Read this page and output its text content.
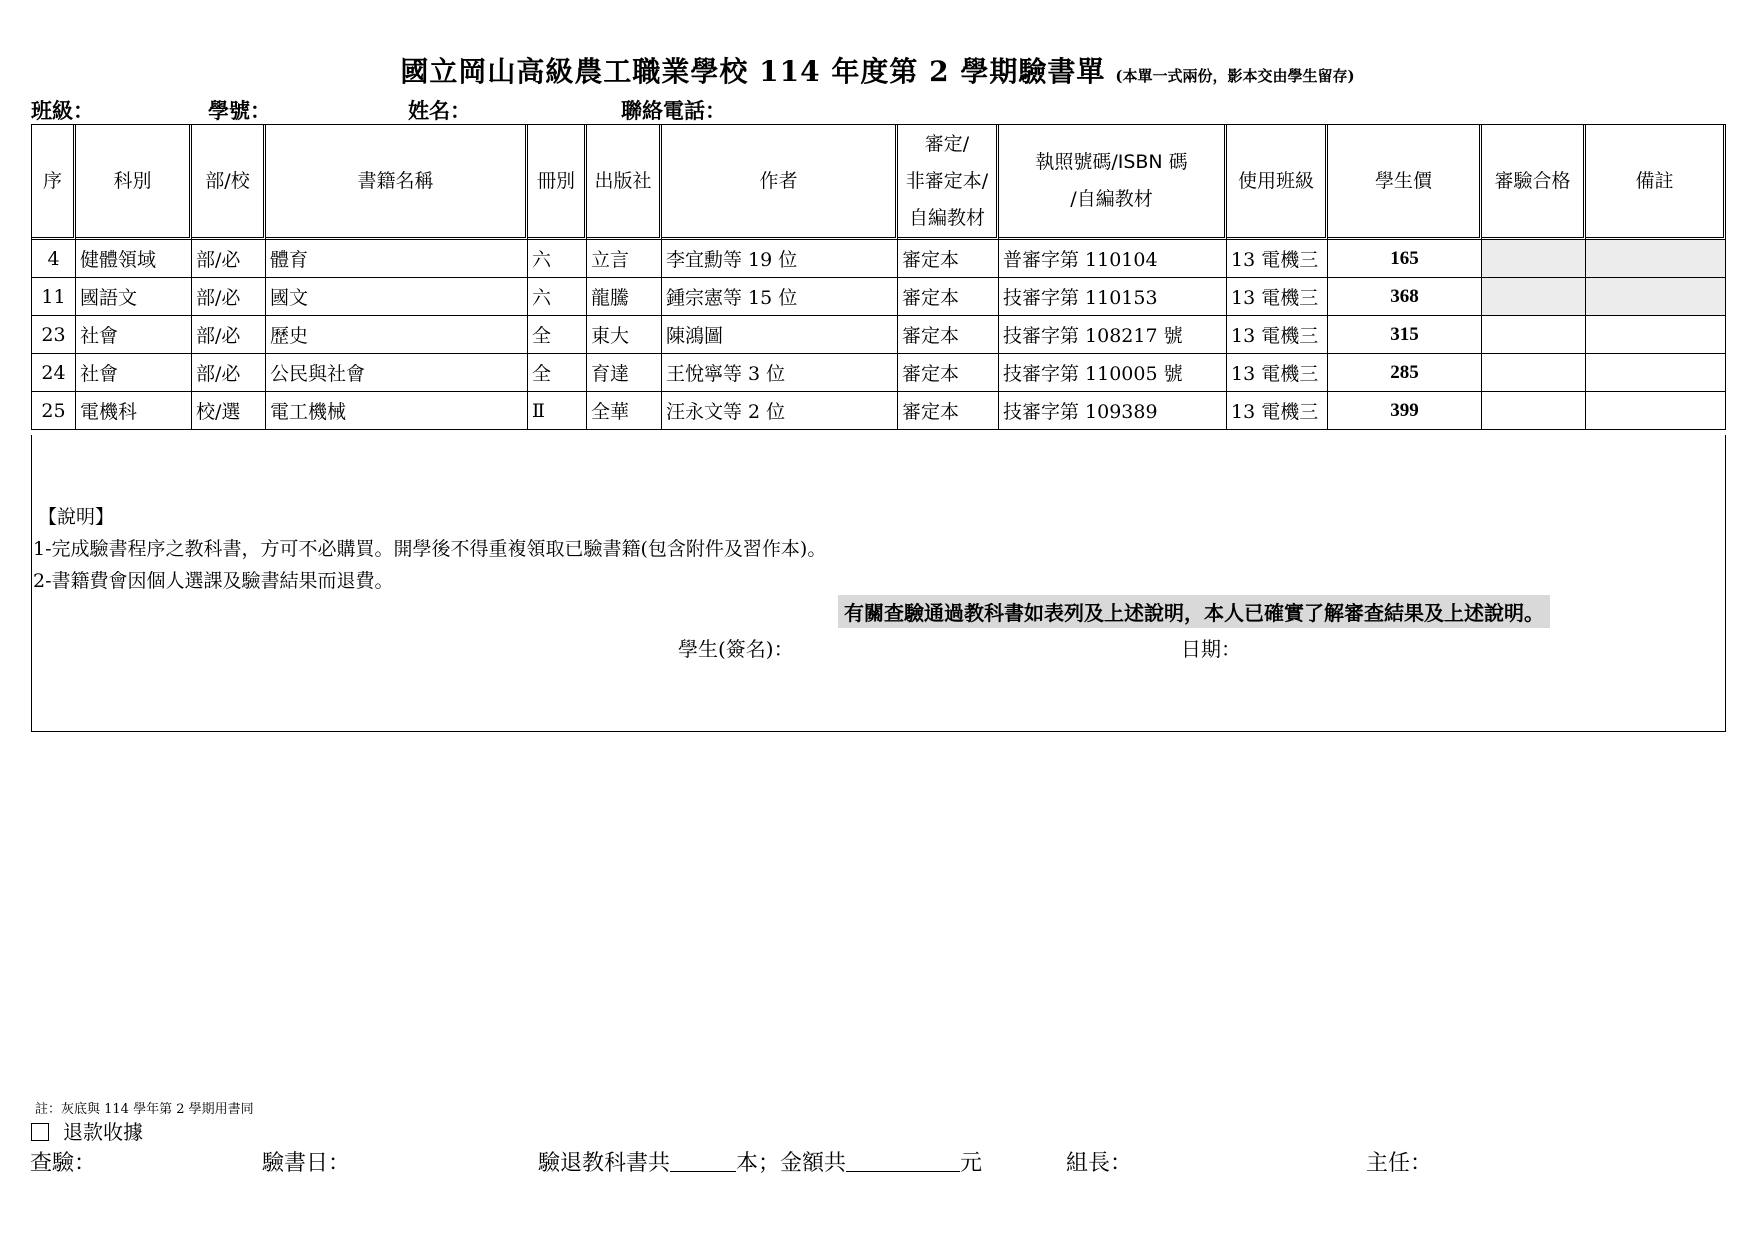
國立岡山高級農工職業學校 114 年度第 2 學期驗書單 (本單一式兩份，影本交由學生留存)
班級：	學號：	姓名：	聯絡電話：
序	科別	部/校	書籍名稱	冊別	出版社	作者	審定/
非審定本/
自編教材	執照號碼/ISBN 碼
/自編教材	使用班級	學生價	審驗合格	備註
4	健體領域	部/必	體育	六	立言	李宜勳等 19 位	審定本	普審字第 110104	13 電機三	165		
11	國語文	部/必	國文	六	龍騰	鍾宗憲等 15 位	審定本	技審字第 110153	13 電機三	368		
23	社會	部/必	歷史	全	東大	陳鴻圖	審定本	技審字第 108217 號	13 電機三	315		
24	社會	部/必	公民與社會	全	育達	王悅寧等 3 位	審定本	技審字第 110005 號	13 電機三	285		
25	電機科	校/選	電工機械	Ⅱ	全華	汪永文等 2 位	審定本	技審字第 109389	13 電機三	399		
【說明】
1-完成驗書程序之教科書，方可不必購買。開學後不得重複領取已驗書籍(包含附件及習作本)。
2-書籍費會因個人選課及驗書結果而退費。
有關查驗通過教科書如表列及上述說明，本人已確實了解審查結果及上述說明。
學生(簽名)：	日期：
註：灰底與 114 學年第 2 學期用書同
退款收據
查驗：	驗書日：	驗退教科書共	本；金額共	元	組長：	主任：
